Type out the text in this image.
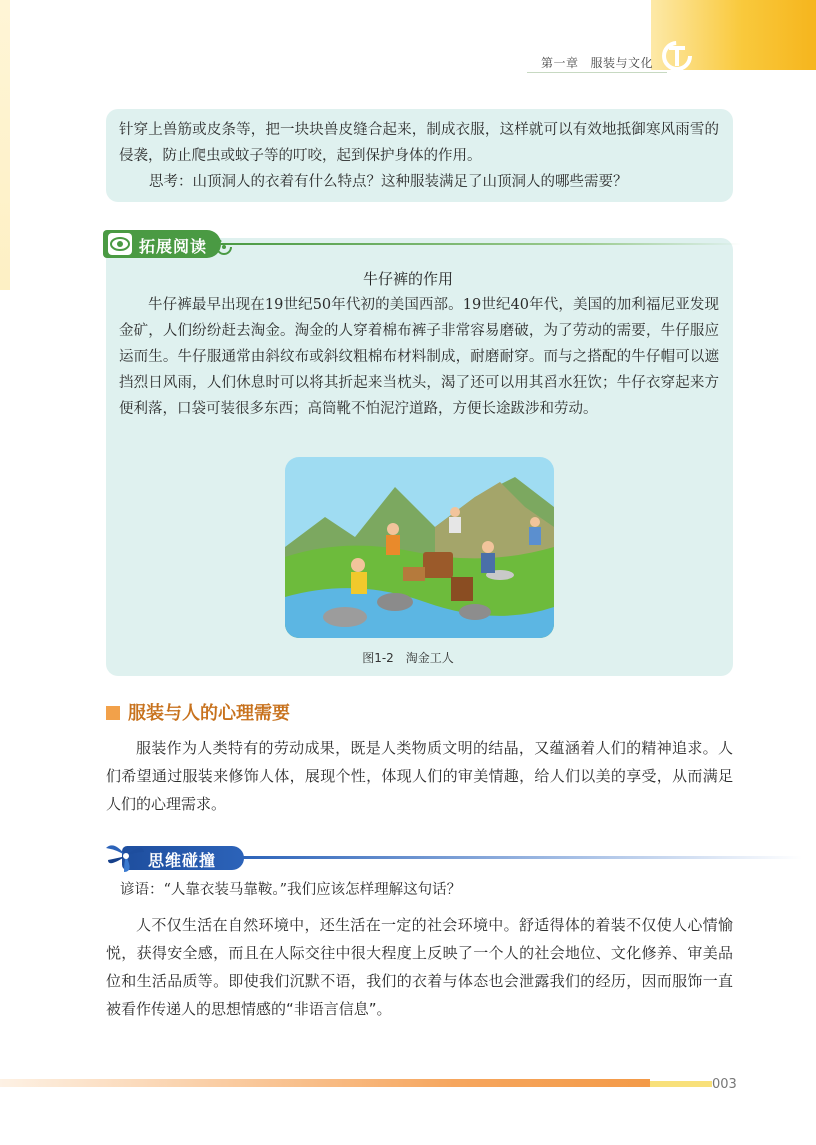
第一章 服装与文化

针穿上兽筋或皮条等，把一块块兽皮缝合起来，制成衣服，这样就可以有效地抵御寒风雨雪的侵袭，防止爬虫或蚊子等的叮咬，起到保护身体的作用。

思考：山顶洞人的衣着有什么特点？这种服装满足了山顶洞人的哪些需要？

拓展阅读
牛仔裤的作用

牛仔裤最早出现在19世纪50年代初的美国西部。19世纪40年代，美国的加利福尼亚发现金矿，人们纷纷赶去淘金。淘金的人穿着棉布裤子非常容易磨破，为了劳动的需要，牛仔服应运而生。牛仔服通常由斜纹布或斜纹粗棉布材料制成，耐磨耐穿。而与之搭配的牛仔帽可以遮挡烈日风雨，人们休息时可以将其折起来当枕头，渴了还可以用其舀水狂饮；牛仔衣穿起来方便利落，口袋可装很多东西；高筒靴不怕泥泞道路，方便长途跋涉和劳动。

图1-2 淘金工人
服装与人的心理需要

服装作为人类特有的劳动成果，既是人类物质文明的结晶，又蕴涵着人们的精神追求。人们希望通过服装来修饰人体，展现个性，体现人们的审美情趣，给人们以美的享受，从而满足人们的心理需求。

思维碰撞
谚语：“人靠衣装马靠鞍。”我们应该怎样理解这句话？

人不仅生活在自然环境中，还生活在一定的社会环境中。舒适得体的着装不仅使人心情愉悦，获得安全感，而且在人际交往中很大程度上反映了一个人的社会地位、文化修养、审美品位和生活品质等。即使我们沉默不语，我们的衣着与体态也会泄露我们的经历，因而服饰一直被看作传递人的思想情感的“非语言信息”。

003
